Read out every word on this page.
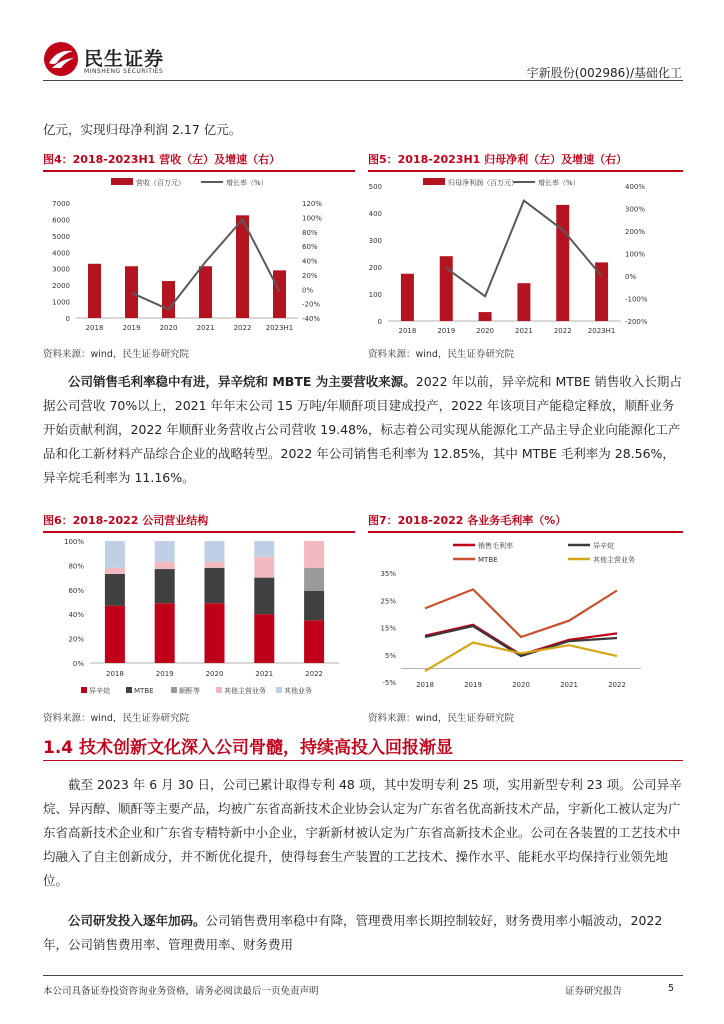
民生证券
MINSHENG SECURITIES	宇新股份(002986)/基础化工
亿元，实现归母净利润 2.17 亿元。
图4：2018-2023H1 营收（左）及增速（右）
营收（百万元）	增长率（%）
0
1000
2000
3000
4000
5000
6000
7000
-40%
-20%
0%
20%
40%
60%
80%
100%
120%
2018	2019	2020	2021	2022 2023H1
资料来源：wind，民生证券研究院
图5：2018-2023H1 归母净利（左）及增速（右）
归母净利润（百万元）	增长率（%）
0
100
200
300
400
500
-200%
-100%
0%
100%
200%
300%
400%
2018	2019	2020	2021	2022 2023H1
资料来源：wind，民生证券研究院
公司销售毛利率稳中有进，异辛烷和 MBTE 为主要营收来源。2022 年以前，异辛烷和 MTBE 销售收入长期占据公司营收 70%以上，2021 年年末公司 15 万吨/年顺酐项目建成投产，2022 年该项目产能稳定释放，顺酐业务开始贡献利润，2022 年顺酐业务营收占公司营收 19.48%，标志着公司实现从能源化工产品主导企业向能源化工产品和化工新材料产品综合企业的战略转型。2022 年公司销售毛利率为 12.85%，其中 MTBE 毛利率为 28.56%，异辛烷毛利率为 11.16%。
图6：2018-2022 公司营业结构
0%
20%
40%
60%
80%
100%
2018	2019	2020	2021	2022
异辛烷	MTBE	顺酐等	其他主营业务	其他业务
资料来源：wind，民生证券研究院
图7：2018-2022 各业务毛利率（%）
销售毛利率	异辛烷
MTBE	其他主营业务
-5%
5%
15%
25%
35%
2018	2019	2020	2021	2022
资料来源：wind，民生证券研究院
1.4 技术创新文化深入公司骨髓，持续高投入回报渐显
截至 2023 年 6 月 30 日，公司已累计取得专利 48 项，其中发明专利 25 项，实用新型专利 23 项。公司异辛烷、异丙醇、顺酐等主要产品，均被广东省高新技术企业协会认定为广东省名优高新技术产品，宇新化工被认定为广东省高新技术企业和广东省专精特新中小企业，宇新新材被认定为广东省高新技术企业。公司在各装置的工艺技术中均融入了自主创新成分，并不断优化提升，使得每套生产装置的工艺技术、操作水平、能耗水平均保持行业领先地位。
公司研发投入逐年加码。公司销售费用率稳中有降，管理费用率长期控制较好，财务费用率小幅波动，2022 年，公司销售费用率、管理费用率、财务费用
本公司具备证券投资咨询业务资格，请务必阅读最后一页免责声明	证券研究报告	5
